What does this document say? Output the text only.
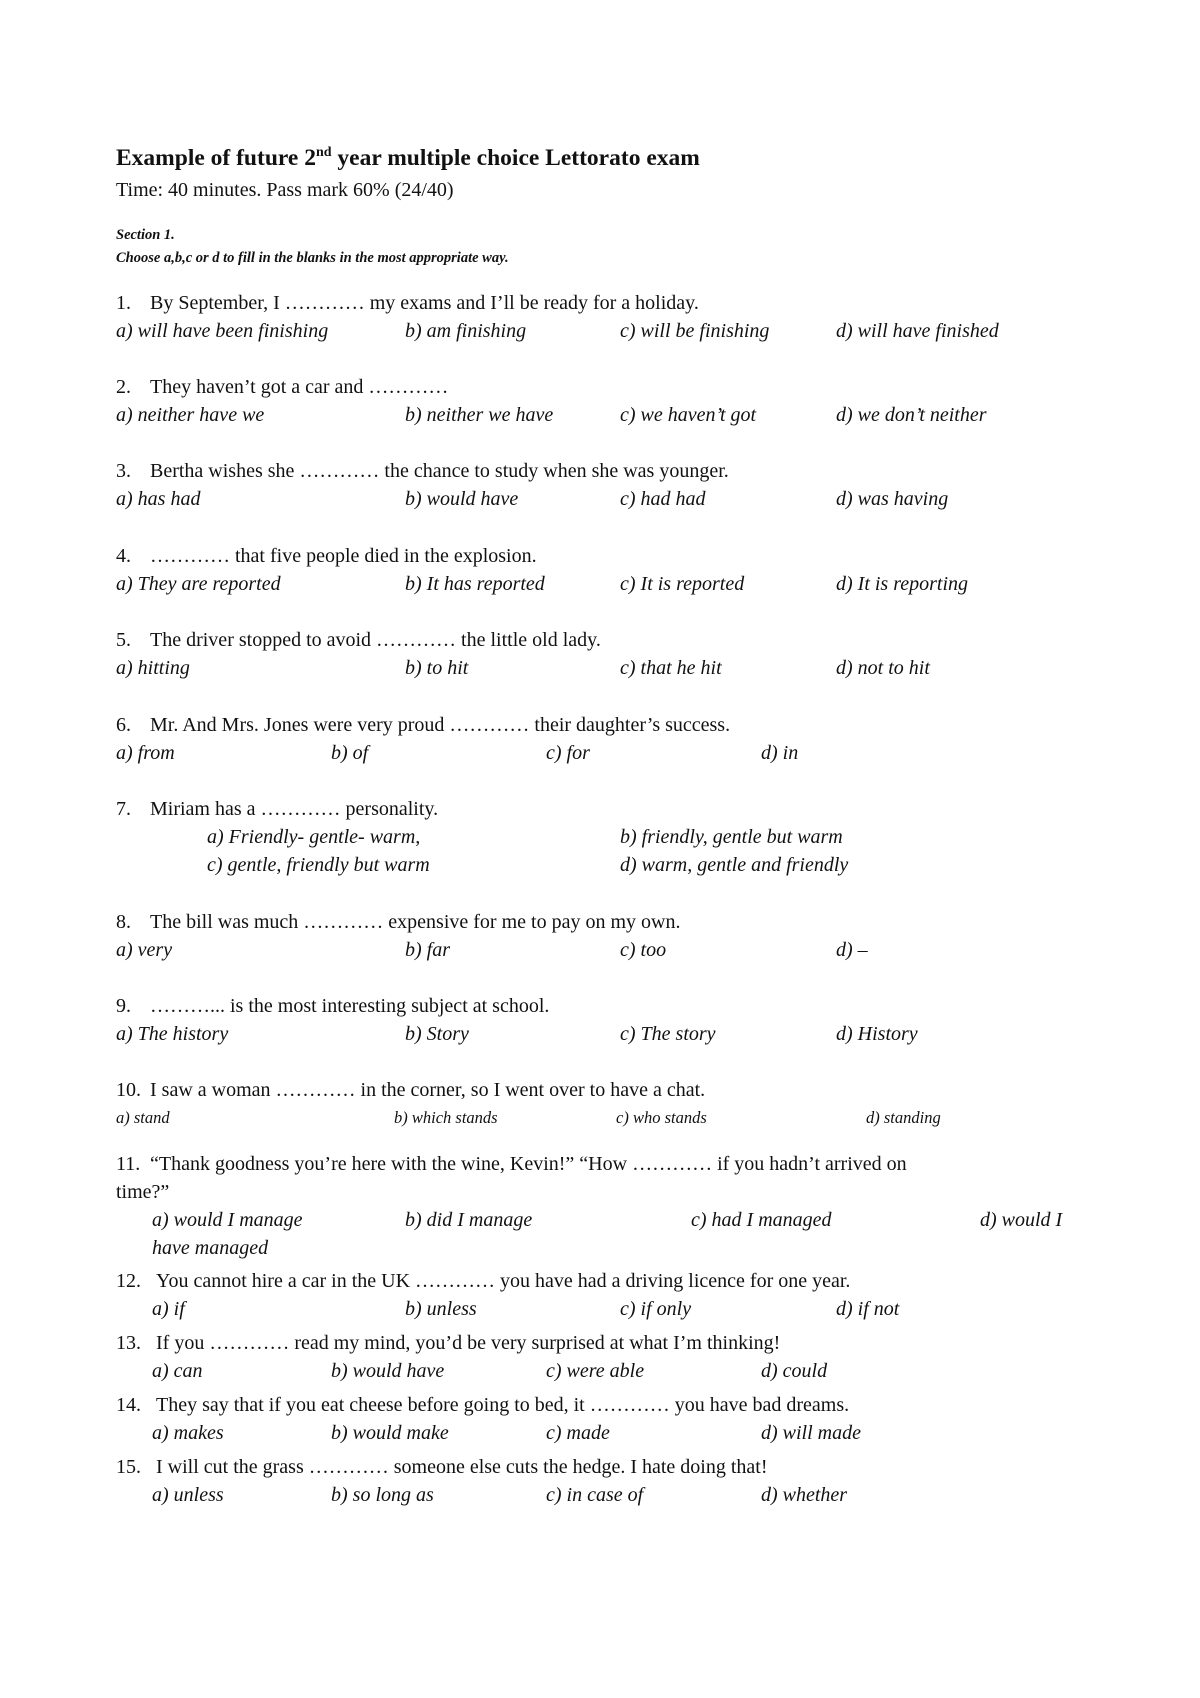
Example of future 2nd year multiple choice Lettorato exam
Time: 40 minutes. Pass mark 60% (24/40)
Section 1.
Choose a,b,c or d to fill in the blanks in the most appropriate way.
1. By September, I ………… my exams and I’ll be ready for a holiday.
a) will have been finishing	b) am finishing	c) will be finishing	d) will have finished
2. They haven’t got a car and …………
a) neither have we	b) neither we have	c) we haven’t got	d) we don’t neither
3. Bertha wishes she ………… the chance to study when she was younger.
a) has had	b) would have	c) had had	d) was having
4. ………… that five people died in the explosion.
a) They are reported	b) It has reported	c) It is reported	d) It is reporting
5. The driver stopped to avoid ………… the little old lady.
a) hitting	b) to hit	c) that he hit	d) not to hit
6. Mr. And Mrs. Jones were very proud ………… their daughter’s success.
a) from	b) of	c) for	d) in
7. Miriam has a ………… personality.
a) Friendly- gentle- warm,	b) friendly, gentle but warm
c) gentle, friendly but warm	d) warm, gentle and friendly
8. The bill was much ………… expensive for me to pay on my own.
a) very	b) far	c) too	d) –
9. ………... is the most interesting subject at school.
a) The history	b) Story	c) The story	d) History
10. I saw a woman ………… in the corner, so I went over to have a chat.
a) stand	b) which stands	c) who stands	d) standing
11. “Thank goodness you’re here with the wine, Kevin!” “How ………… if you hadn’t arrived on
time?”
a) would I manage	b) did I manage	c) had I managed	d) would I
have managed
12. You cannot hire a car in the UK ………… you have had a driving licence for one year.
a) if	b) unless	c) if only	d) if not
13. If you ………… read my mind, you’d be very surprised at what I’m thinking!
a) can	b) would have	c) were able	d) could
14. They say that if you eat cheese before going to bed, it ………… you have bad dreams.
a) makes	b) would make	c) made	d) will made
15. I will cut the grass ………… someone else cuts the hedge. I hate doing that!
a) unless	b) so long as	c) in case of	d) whether
